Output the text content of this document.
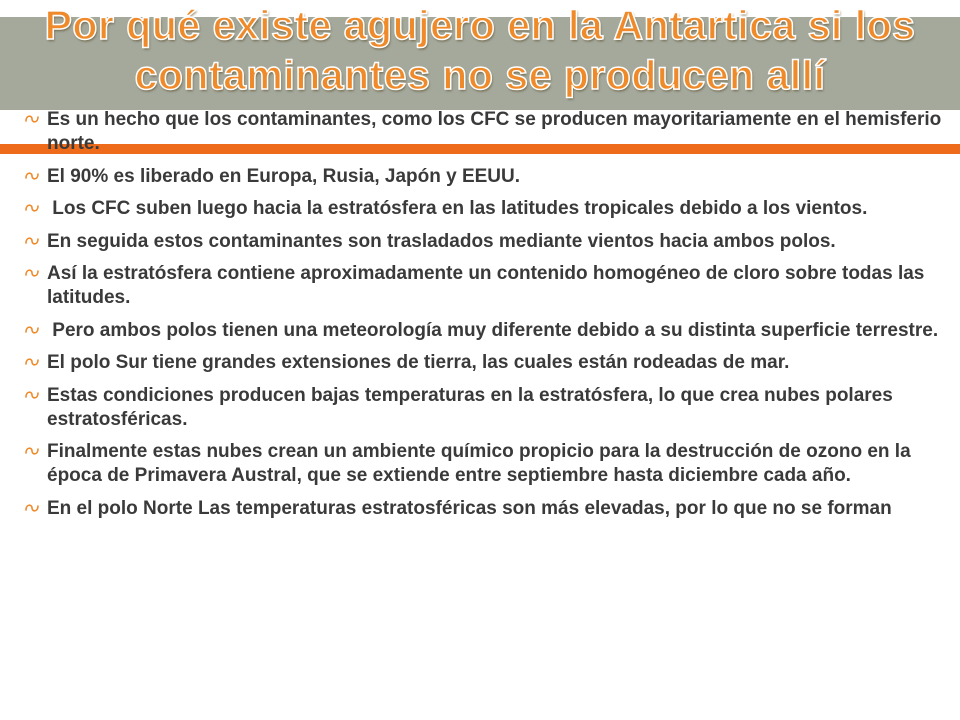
Por qué existe agujero en la Antartica si los contaminantes no se producen allí
Es un hecho que los contaminantes, como los CFC se producen mayoritariamente en el hemisferio norte.
El 90% es liberado en Europa, Rusia, Japón y EEUU.
Los CFC suben luego hacia la estratósfera en las latitudes tropicales debido a los vientos.
En seguida estos contaminantes son trasladados mediante vientos hacia ambos polos.
Así la estratósfera contiene aproximadamente un contenido homogéneo de cloro sobre todas las latitudes.
Pero ambos polos tienen una meteorología muy diferente debido a su distinta superficie terrestre.
El polo Sur tiene grandes extensiones de tierra, las cuales están rodeadas de mar.
Estas condiciones producen bajas temperaturas en la estratósfera, lo que crea nubes polares estratosféricas.
Finalmente estas nubes crean un ambiente químico propicio para la destrucción de ozono en la época de Primavera Austral, que se extiende entre septiembre hasta diciembre cada año.
En el polo Norte Las temperaturas estratosféricas son más elevadas, por lo que no se forman
